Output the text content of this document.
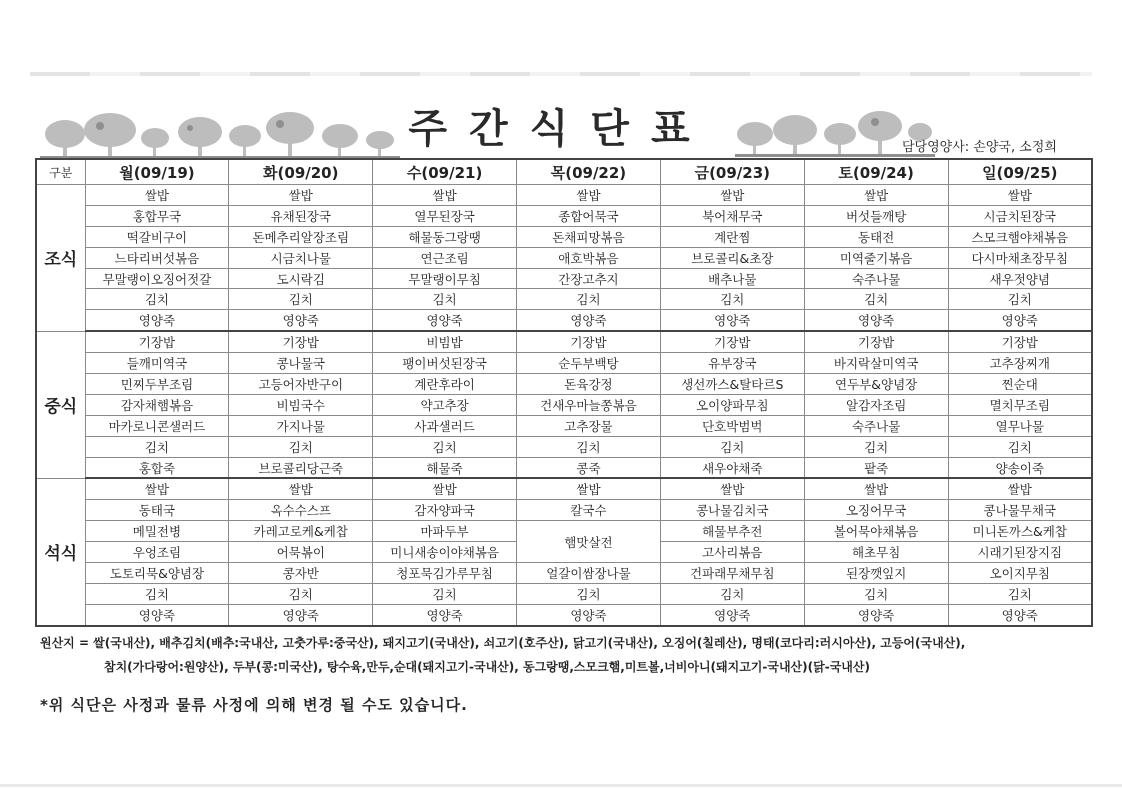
주간식단표	담당영양사: 손양국, 소정희
구분	월(09/19)	화(09/20)	수(09/21)	목(09/22)	금(09/23)	토(09/24)	일(09/25)
조식	쌀밥	쌀밥	쌀밥	쌀밥	쌀밥	쌀밥	쌀밥
	홍합무국	유채된장국	열무된장국	종합어묵국	북어채무국	버섯들깨탕	시금치된장국
	떡갈비구이	돈메추리알장조림	해물동그랑땡	돈채피망볶음	계란찜	동태전	스모크햄야채볶음
	느타리버섯볶음	시금치나물	연근조림	애호박볶음	브로콜리&초장	미역줄기볶음	다시마채초장무침
	무말랭이오징어젓갈	도시락김	무말랭이무침	간장고추지	배추나물	숙주나물	새우젓양념
	김치	김치	김치	김치	김치	김치	김치
	영양죽	영양죽	영양죽	영양죽	영양죽	영양죽	영양죽
중식	기장밥	기장밥	비빔밥	기장밥	기장밥	기장밥	기장밥
	들깨미역국	콩나물국	팽이버섯된장국	순두부백탕	유부장국	바지락살미역국	고추장찌개
	민찌두부조림	고등어자반구이	계란후라이	돈육강정	생선까스&탈타르S	연두부&양념장	찐순대
	감자채햄볶음	비빔국수	약고추장	건새우마늘쫑볶음	오이양파무침	알감자조림	멸치무조림
	마카로니콘샐러드	가지나물	사과샐러드	고추장물	단호박범벅	숙주나물	열무나물
	김치	김치	김치	김치	김치	김치	김치
	홍합죽	브로콜리당근죽	해물죽	콩죽	새우야채죽	팥죽	양송이죽
석식	쌀밥	쌀밥	쌀밥	쌀밥	쌀밥	쌀밥	쌀밥
	동태국	옥수수스프	감자양파국	칼국수	콩나물김치국	오징어무국	콩나물무채국
	메밀전병	카레고로케&케찹	마파두부	햄맛살전	해물부추전	볼어묵야채볶음	미니돈까스&케찹
	우엉조림	어묵볶이	미니새송이야채볶음		고사리볶음	해초무침	시래기된장지짐
	도토리묵&양념장	콩자반	청포묵김가루무침	얼갈이쌈장나물	건파래무채무침	된장깻잎지	오이지무침
	김치	김치	김치	김치	김치	김치	김치
	영양죽	영양죽	영양죽	영양죽	영양죽	영양죽	영양죽
원산지 = 쌀(국내산), 배추김치(배추:국내산, 고춧가루:중국산), 돼지고기(국내산), 쇠고기(호주산), 닭고기(국내산), 오징어(칠레산), 명태(코다리:러시아산), 고등어(국내산),
참치(가다랑어:원양산), 두부(콩:미국산), 탕수육,만두,순대(돼지고기-국내산), 동그랑땡,스모크햄,미트볼,너비아니(돼지고기-국내산)(닭-국내산)
*위 식단은 사정과 물류 사정에 의해 변경 될 수도 있습니다.
